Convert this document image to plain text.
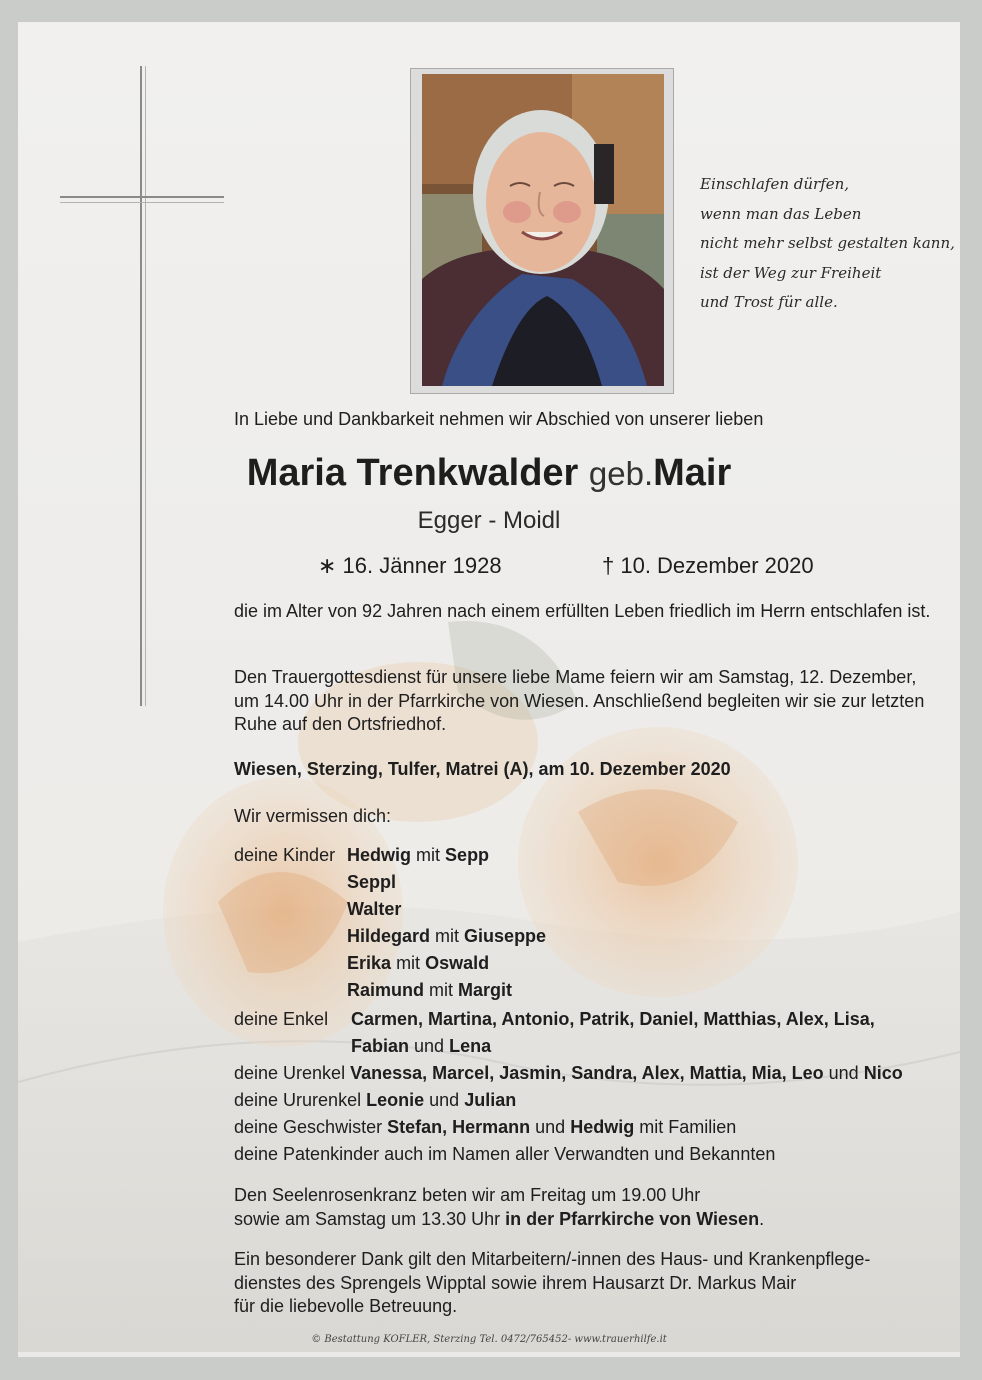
Einschlafen dürfen,
wenn man das Leben
nicht mehr selbst gestalten kann,
ist der Weg zur Freiheit
und Trost für alle.
In Liebe und Dankbarkeit nehmen wir Abschied von unserer lieben
Maria Trenkwalder geb.Mair
Egger - Moidl
∗ 16. Jänner 1928	† 10. Dezember 2020
die im Alter von 92 Jahren nach einem erfüllten Leben friedlich im Herrn entschlafen ist.
Den Trauergottesdienst für unsere liebe Mame feiern wir am Samstag, 12. Dezember, um 14.00 Uhr in der Pfarrkirche von Wiesen. Anschließend begleiten wir sie zur letzten Ruhe auf den Ortsfriedhof.
Wiesen, Sterzing, Tulfer, Matrei (A), am 10. Dezember 2020
Wir vermissen dich:
deine Kinder Hedwig mit Sepp
Seppl
Walter
Hildegard mit Giuseppe
Erika mit Oswald
Raimund mit Margit
deine Enkel Carmen, Martina, Antonio, Patrik, Daniel, Matthias, Alex, Lisa,
Fabian und Lena
deine Urenkel Vanessa, Marcel, Jasmin, Sandra, Alex, Mattia, Mia, Leo und Nico
deine Ururenkel Leonie und Julian
deine Geschwister Stefan, Hermann und Hedwig mit Familien
deine Patenkinder auch im Namen aller Verwandten und Bekannten
Den Seelenrosenkranz beten wir am Freitag um 19.00 Uhr
sowie am Samstag um 13.30 Uhr in der Pfarrkirche von Wiesen.
Ein besonderer Dank gilt den Mitarbeitern/-innen des Haus- und Krankenpflege-
dienstes des Sprengels Wipptal sowie ihrem Hausarzt Dr. Markus Mair
für die liebevolle Betreuung.
© Bestattung KOFLER, Sterzing Tel. 0472/765452- www.trauerhilfe.it
